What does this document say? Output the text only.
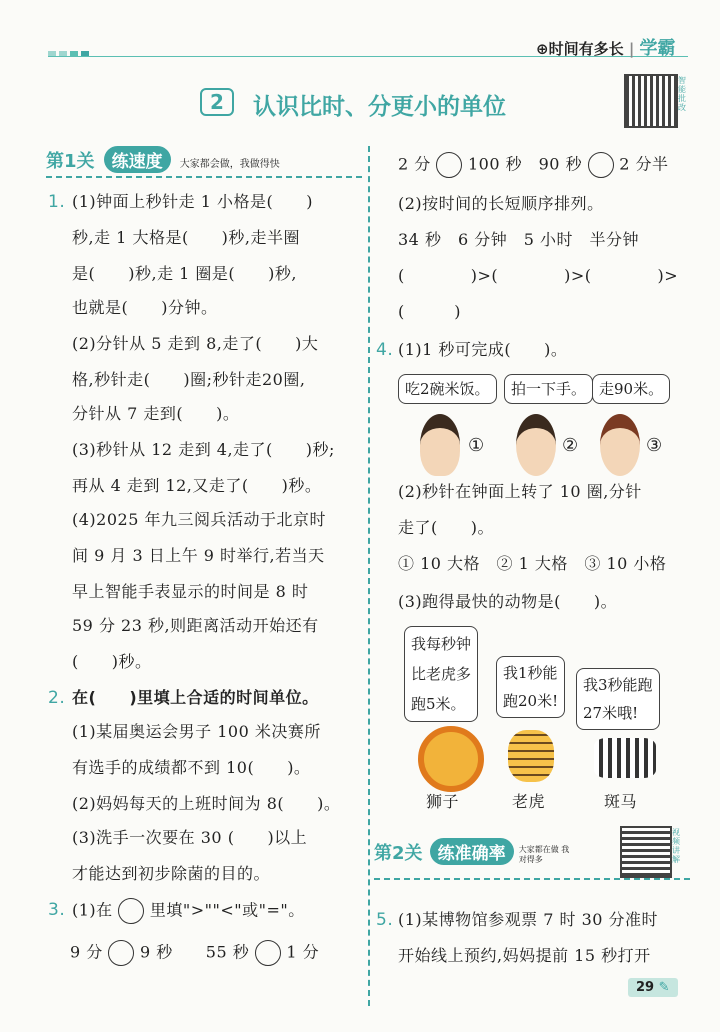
⊕时间有多长 | 学霸
2 认识比时、分更小的单位
智能批改
第1关 练速度 大家都会做，我做得快
1. (1)钟面上秒针走 1 小格是(　　)
秒,走 1 大格是(　　)秒,走半圈
是(　　)秒,走 1 圈是(　　)秒,
也就是(　　)分钟。
(2)分针从 5 走到 8,走了(　　)大
格,秒针走(　　)圈;秒针走20圈,
分针从 7 走到(　　)。
(3)秒针从 12 走到 4,走了(　　)秒;
再从 4 走到 12,又走了(　　)秒。
(4)2025 年九三阅兵活动于北京时
间 9 月 3 日上午 9 时举行,若当天
早上智能手表显示的时间是 8 时
59 分 23 秒,则距离活动开始还有
(　　)秒。
2. 在(　　)里填上合适的时间单位。
(1)某届奥运会男子 100 米决赛所
有选手的成绩都不到 10(　　)。
(2)妈妈每天的上班时间为 8(　　)。
(3)洗手一次要在 30 (　　)以上
才能达到初步除菌的目的。
3. (1)在 里填">""<"或"="。
9 分 9 秒　　 55 秒 1 分
2 分 100 秒　 90 秒 2 分半
(2)按时间的长短顺序排列。
34 秒　6 分钟　5 小时　半分钟
(　　　　)>(　　　　)>(　　　　)>
(　　　)
4. (1)1 秒可完成(　　)。
吃2碗米饭。	拍一下手。 走90米。
①	②	③
(2)秒针在钟面上转了 10 圈,分针
走了(　　)。
① 10 大格　② 1 大格　③ 10 小格
(3)跑得最快的动物是(　　)。
我每秒钟
比老虎多
跑5米。
我1秒能
跑20米!
我3秒能跑
27米哦!
狮子	老虎	斑马
第2关 练准确率 大家都在做 我对得多
视频讲解
5. (1)某博物馆参观票 7 时 30 分准时
开始线上预约,妈妈提前 15 秒打开
29 ✎
